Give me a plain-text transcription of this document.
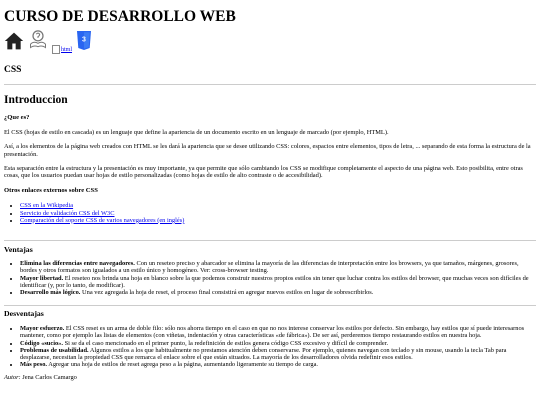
CURSO DE DESARROLLO WEB
html
3
CSS
Introduccion

¿Que es?

El CSS (hojas de estilo en cascada) es un lenguaje que define la apariencia de un documento escrito en un lenguaje de marcado (por ejemplo, HTML).

Así, a los elementos de la página web creados con HTML se les dará la apariencia que se desee utilizando CSS: colores, espacios entre elementos, tipos de letra, ... separando de esta forma la estructura de la presentación.

Esta separación entre la estructura y la presentación es muy importante, ya que permite que sólo cambiando los CSS se modifique completamente el aspecto de una página web. Esto posibilita, entre otras cosas, que los usuarios puedan usar hojas de estilo personalizadas (como hojas de estilo de alto contraste o de accesibilidad).

Otros enlaces externos sobre CSS

• CSS en la Wikipedia
• Servicio de validación CSS del W3C
• Comparación del soporte CSS de varios navegadores (en inglés)

Ventajas

• Elimina las diferencias entre navegadores. Con un reseteo preciso y abarcador se elimina la mayoría de las diferencias de interpretación entre los browsers, ya que tamaños, márgenes, grosores, bordes y otros formatos son igualados a un estilo único y homogéneo. Ver: cross-browser testing.
• Mayor libertad. El reseteo nos brinda una hoja en blanco sobre la que podemos construir nuestros propios estilos sin tener que luchar contra los estilos del browser, que muchas veces son difíciles de identificar (y, por lo tanto, de modificar).
• Desarrollo más lógico. Una vez agregada la hoja de reset, el proceso final consistirá en agregar nuevos estilos en lugar de sobrescribirlos.

Desventajas

• Mayor esfuerzo. El CSS reset es un arma de doble filo: sólo nos ahorra tiempo en el caso en que no nos interese conservar los estilos por defecto. Sin embargo, hay estilos que sí puede interesarnos mantener, como por ejemplo las listas de elementos (con viñetas, indentación y otras características «de fábrica»). De ser así, perderemos tiempo restaurando estilos en nuestra hoja.
• Código «sucio». Si se da el caso mencionado en el primer punto, la redefinición de estilos genera código CSS excesivo y difícil de comprender.
• Problemas de usabilidad. Algunos estilos a los que habitualmente no prestamos atención deben conservarse. Por ejemplo, quienes navegan con teclado y sin mouse, usando la tecla Tab para desplazarse, necesitan la propiedad CSS que remarca el enlace sobre el que están situados. La mayoría de los desarrolladores olvida redefinir esos estilos.
• Más peso. Agregar una hoja de estilos de reset agrega peso a la página, aumentando ligeramente su tiempo de carga.

Autor: Jena Carlos Camargo
